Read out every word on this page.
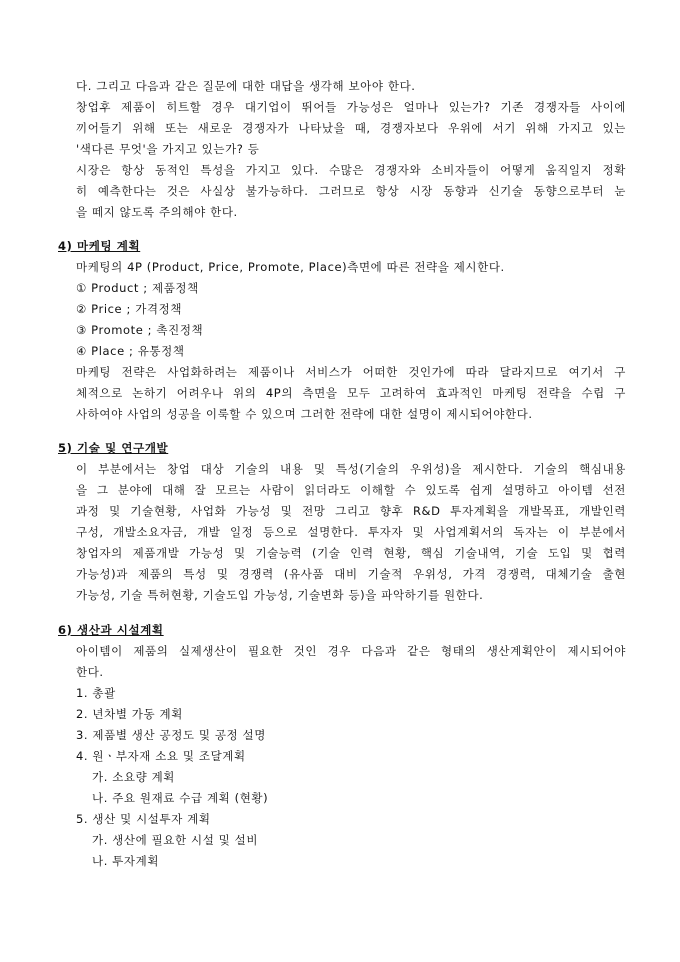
다. 그리고 다음과 같은 질문에 대한 대답을 생각해 보아야 한다.

창업후 제품이 히트할 경우 대기업이 뛰어들 가능성은 얼마나 있는가? 기존 경쟁자들 사이에

끼어들기 위해 또는 새로운 경쟁자가 나타났을 때, 경쟁자보다 우위에 서기 위해 가지고 있는

'색다른 무엇'을 가지고 있는가? 등

시장은 항상 동적인 특성을 가지고 있다. 수많은 경쟁자와 소비자들이 어떻게 움직일지 정확

히 예측한다는 것은 사실상 불가능하다. 그러므로 항상 시장 동향과 신기술 동향으로부터 눈

을 떼지 않도록 주의해야 한다.

4) 마케팅 계획

마케팅의 4P (Product, Price, Promote, Place)측면에 따른 전략을 제시한다.

① Product ; 제품정책

② Price ; 가격정책

③ Promote ; 촉진정책

④ Place ; 유통정책

마케팅 전략은 사업화하려는 제품이나 서비스가 어떠한 것인가에 따라 달라지므로 여기서 구

체적으로 논하기 어려우나 위의 4P의 측면을 모두 고려하여 효과적인 마케팅 전략을 수립 구

사하여야 사업의 성공을 이룩할 수 있으며 그러한 전략에 대한 설명이 제시되어야한다.

5) 기술 및 연구개발

이 부분에서는 창업 대상 기술의 내용 및 특성(기술의 우위성)을 제시한다. 기술의 핵심내용

을 그 분야에 대해 잘 모르는 사람이 읽더라도 이해할 수 있도록 쉽게 설명하고 아이템 선전

과정 및 기술현황, 사업화 가능성 및 전망 그리고 향후 R&D 투자계획을 개발목표, 개발인력

구성, 개발소요자금, 개발 일정 등으로 설명한다. 투자자 및 사업계획서의 독자는 이 부분에서

창업자의 제품개발 가능성 및 기술능력 (기술 인력 현황, 핵심 기술내역, 기술 도입 및 협력

가능성)과 제품의 특성 및 경쟁력 (유사품 대비 기술적 우위성, 가격 경쟁력, 대체기술 출현

가능성, 기술 특허현황, 기술도입 가능성, 기술변화 등)을 파악하기를 원한다.

6) 생산과 시설계획

아이템이 제품의 실제생산이 필요한 것인 경우 다음과 같은 형태의 생산계획안이 제시되어야

한다.

1. 총괄

2. 년차별 가동 계획

3. 제품별 생산 공정도 및 공정 설명

4. 원ㆍ부자재 소요 및 조달계획

가. 소요량 계획

나. 주요 원재료 수급 계획 (현황)

5. 생산 및 시설투자 계획

가. 생산에 필요한 시설 및 설비

나. 투자계획
